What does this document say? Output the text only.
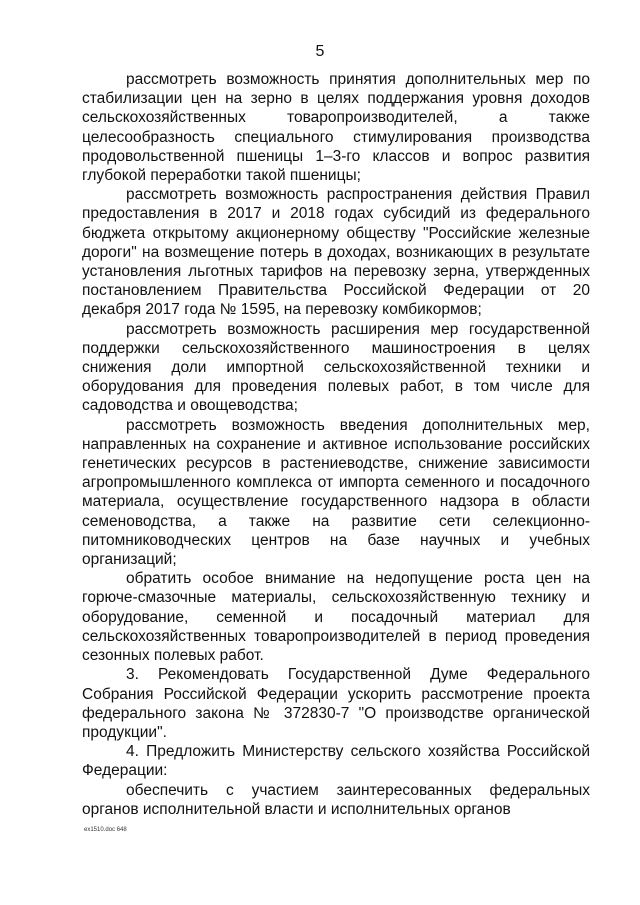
5

рассмотреть возможность принятия дополнительных мер по стабилизации цен на зерно в целях поддержания уровня доходов сельскохозяйственных товаропроизводителей, а также целесообразность специального стимулирования производства продовольственной пшеницы 1–3-го классов и вопрос развития глубокой переработки такой пшеницы;

рассмотреть возможность распространения действия Правил предоставления в 2017 и 2018 годах субсидий из федерального бюджета открытому акционерному обществу "Российские железные дороги" на возмещение потерь в доходах, возникающих в результате установления льготных тарифов на перевозку зерна, утвержденных постановлением Правительства Российской Федерации от 20 декабря 2017 года № 1595, на перевозку комбикормов;

рассмотреть возможность расширения мер государственной поддержки сельскохозяйственного машиностроения в целях снижения доли импортной сельскохозяйственной техники и оборудования для проведения полевых работ, в том числе для садоводства и овощеводства;

рассмотреть возможность введения дополнительных мер, направленных на сохранение и активное использование российских генетических ресурсов в растениеводстве, снижение зависимости агропромышленного комплекса от импорта семенного и посадочного материала, осуществление государственного надзора в области семеноводства, а также на развитие сети селекционно-питомниководческих центров на базе научных и учебных организаций;

обратить особое внимание на недопущение роста цен на горюче-смазочные материалы, сельскохозяйственную технику и оборудование, семенной и посадочный материал для сельскохозяйственных товаропроизводителей в период проведения сезонных полевых работ.

3. Рекомендовать Государственной Думе Федерального Собрания Российской Федерации ускорить рассмотрение проекта федерального закона № 372830-7 "О производстве органической продукции".

4. Предложить Министерству сельского хозяйства Российской Федерации:

обеспечить с участием заинтересованных федеральных органов исполнительной власти и исполнительных органов

ex1510.doc 648
